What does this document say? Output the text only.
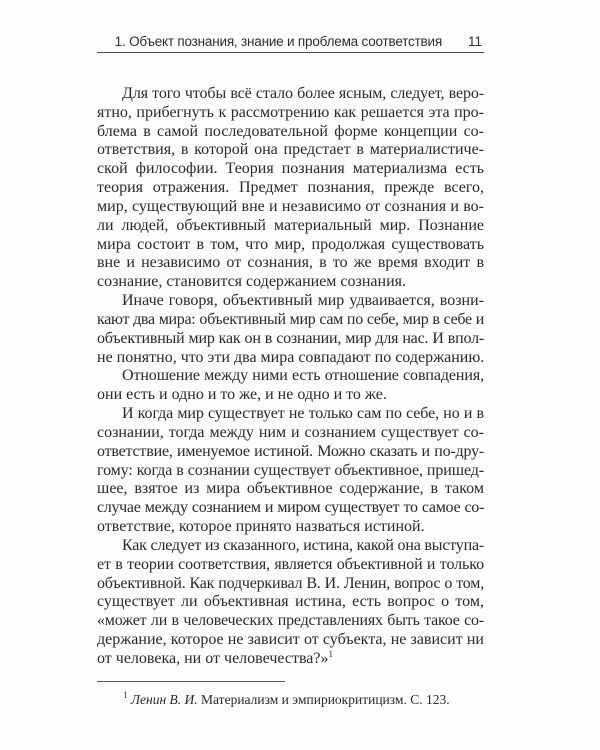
1. Объект познания, знание и проблема соответствия 11

Для того чтобы всё стало более ясным, следует, веро-
ятно, прибегнуть к рассмотрению как решается эта про-
блема в самой последовательной форме концепции со-
ответствия, в которой она предстает в материалистиче-
ской философии. Теория познания материализма есть
теория отражения. Предмет познания, прежде всего,
мир, существующий вне и независимо от сознания и во-
ли людей, объективный материальный мир. Познание
мира состоит в том, что мир, продолжая существовать
вне и независимо от сознания, в то же время входит в
сознание, становится содержанием сознания.

Иначе говоря, объективный мир удваивается, возни-
кают два мира: объективный мир сам по себе, мир в себе и
объективный мир как он в сознании, мир для нас. И впол-
не понятно, что эти два мира совпадают по содержанию.

Отношение между ними есть отношение совпадения,
они есть и одно и то же, и не одно и то же.

И когда мир существует не только сам по себе, но и в
сознании, тогда между ним и сознанием существует со-
ответствие, именуемое истиной. Можно сказать и по-дру-
гому: когда в сознании существует объективное, пришед-
шее, взятое из мира объективное содержание, в таком
случае между сознанием и миром существует то самое со-
ответствие, которое принято назваться истиной.

Как следует из сказанного, истина, какой она выступа-
ет в теории соответствия, является объективной и только
объективной. Как подчеркивал В. И. Ленин, вопрос о том,
существует ли объективная истина, есть вопрос о том,
«может ли в человеческих представлениях быть такое со-
держание, которое не зависит от субъекта, не зависит ни
от человека, ни от человечества?»$^1$

$^1$ Ленин В. И. Материализм и эмпириокритицизм. С. 123.
